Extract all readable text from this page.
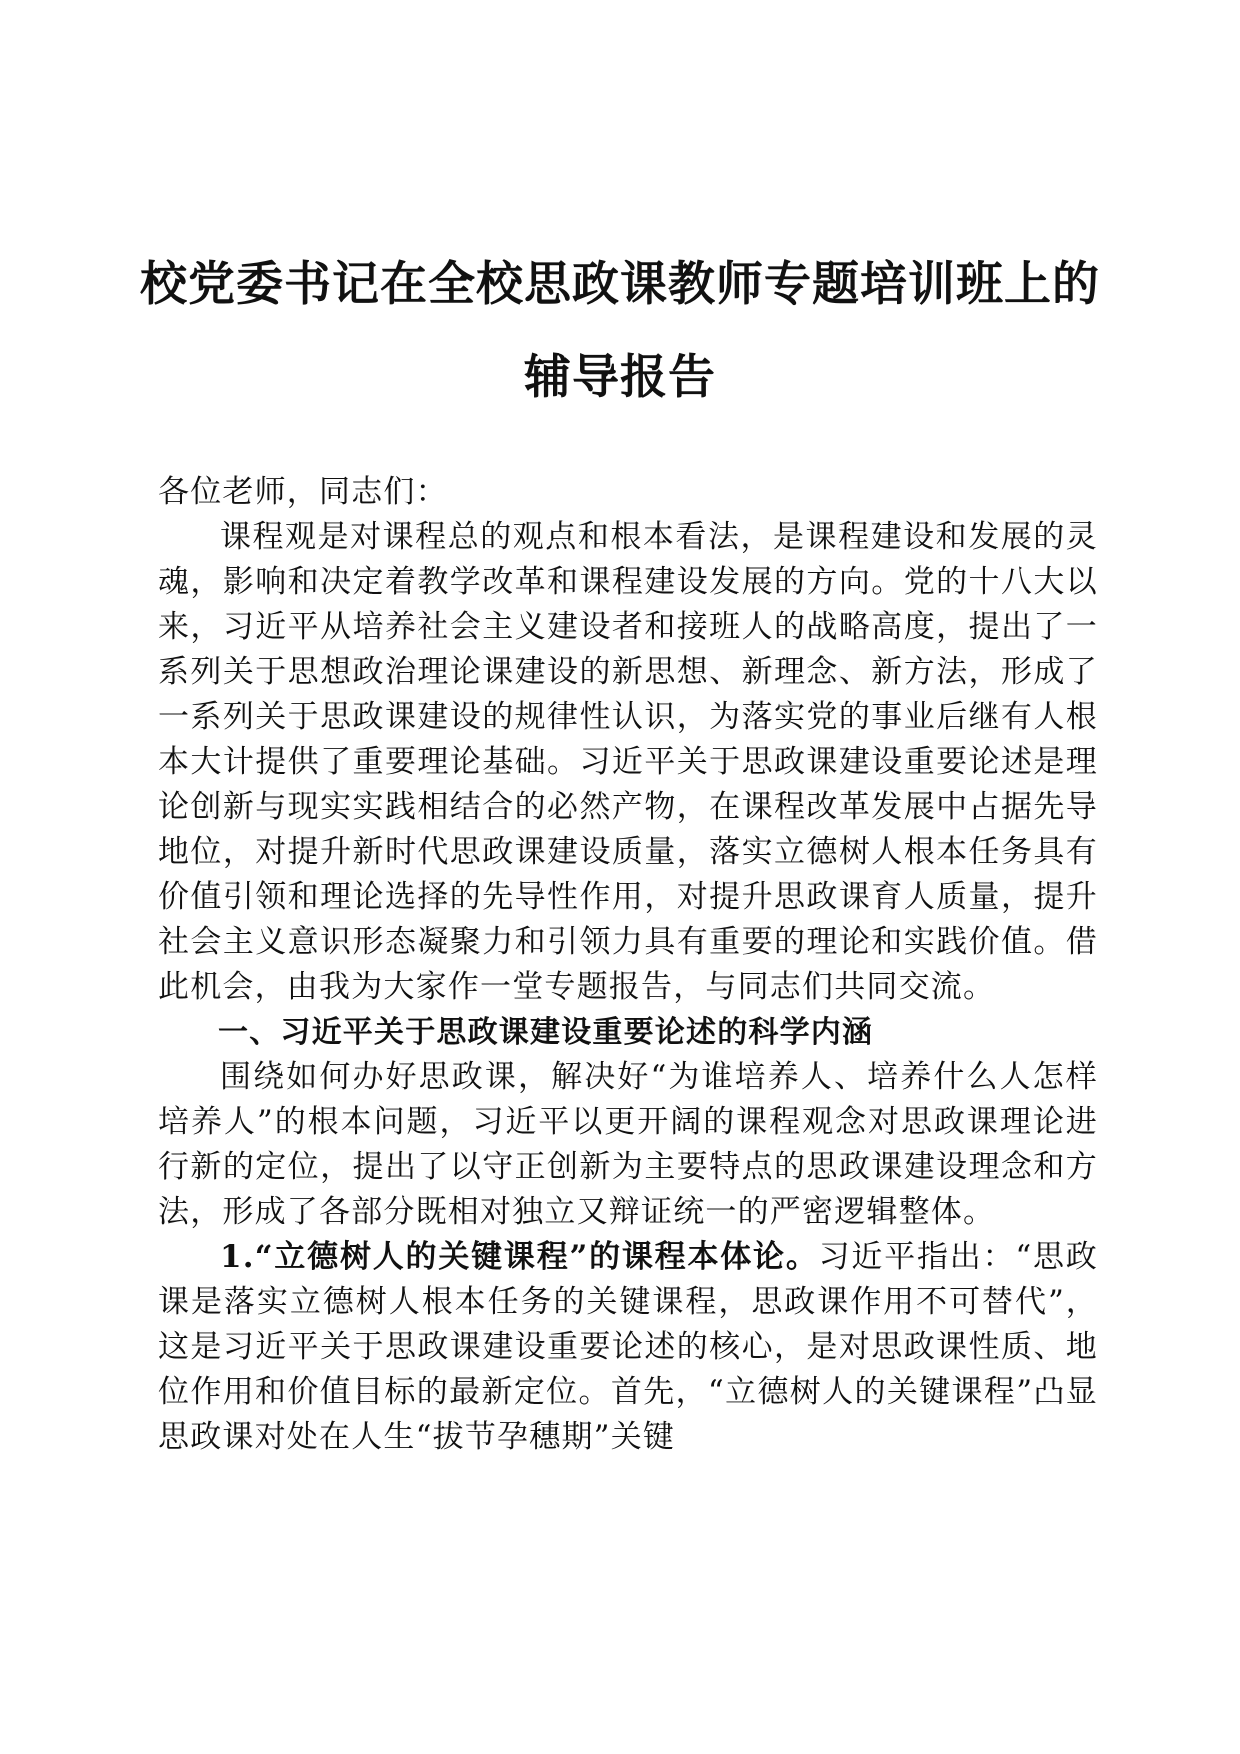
校党委书记在全校思政课教师专题培训班上的
辅导报告

各位老师，同志们：

课程观是对课程总的观点和根本看法，是课程建设和发展的灵魂，影响和决定着教学改革和课程建设发展的方向。党的十八大以来，习近平从培养社会主义建设者和接班人的战略高度，提出了一系列关于思想政治理论课建设的新思想、新理念、新方法，形成了一系列关于思政课建设的规律性认识，为落实党的事业后继有人根本大计提供了重要理论基础。习近平关于思政课建设重要论述是理论创新与现实实践相结合的必然产物，在课程改革发展中占据先导地位，对提升新时代思政课建设质量，落实立德树人根本任务具有价值引领和理论选择的先导性作用，对提升思政课育人质量，提升社会主义意识形态凝聚力和引领力具有重要的理论和实践价值。借此机会，由我为大家作一堂专题报告，与同志们共同交流。

一、习近平关于思政课建设重要论述的科学内涵

围绕如何办好思政课，解决好“为谁培养人、培养什么人怎样培养人”的根本问题，习近平以更开阔的课程观念对思政课理论进行新的定位，提出了以守正创新为主要特点的思政课建设理念和方法，形成了各部分既相对独立又辩证统一的严密逻辑整体。

1.“立德树人的关键课程”的课程本体论。习近平指出：“思政课是落实立德树人根本任务的关键课程，思政课作用不可替代”，这是习近平关于思政课建设重要论述的核心，是对思政课性质、地位作用和价值目标的最新定位。首先，“立德树人的关键课程”凸显思政课对处在人生“拔节孕穗期”关键
